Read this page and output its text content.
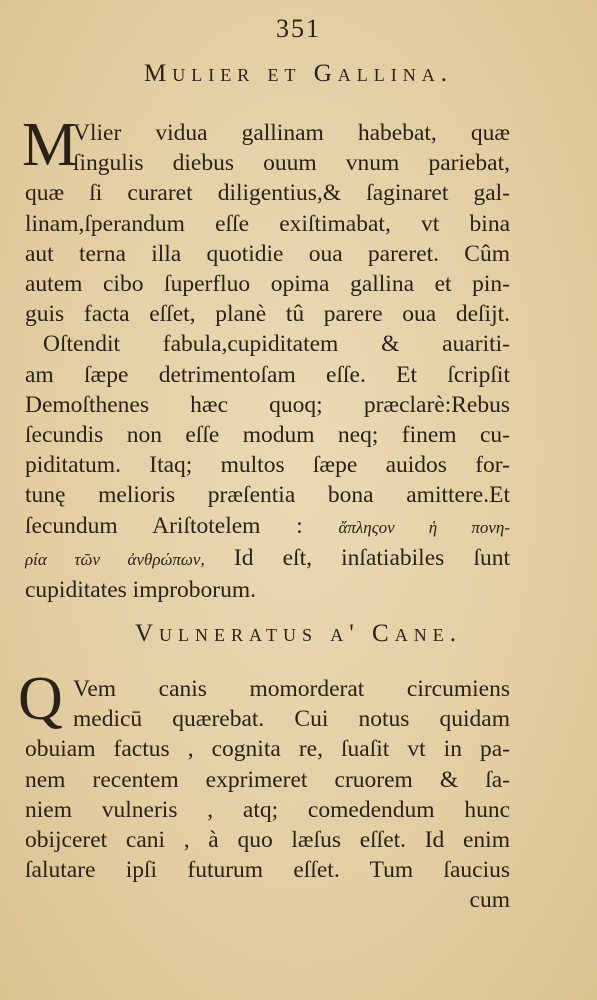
351
Mulier et Gallina.
M
Vlier vidua gallinam habebat, quæ
ſingulis diebus ouum vnum pariebat,
quæ ſi curaret diligentius,& ſaginaret gal-
linam,ſperandum eſſe exiſtimabat, vt bina
aut terna illa quotidie oua pareret. Cûm
autem cibo ſuperfluo opima gallina et pin-
guis facta eſſet, planè tû parere oua deſijt.
Oſtendit fabula,cupiditatem & auariti-
am ſæpe detrimentoſam eſſe. Et ſcripſit
Demoſthenes hæc quoq; præclarè:Rebus
ſecundis non eſſe modum neq; finem cu-
piditatum. Itaq; multos ſæpe auidos for-
tunę melioris præſentia bona amittere.Et
ſecundum Ariſtotelem : ἄπληςον ἡ πονη-
ρία τῶν ἀνθρώπων, Id eſt, inſatiabiles ſunt
cupiditates improborum.
Vulneratus a' Cane.
Q Vem canis momorderat circumiens
medicū quærebat. Cui notus quidam
obuiam factus , cognita re, ſuaſit vt in pa-
nem recentem exprimeret cruorem & ſa-
niem vulneris , atq; comedendum hunc
obijceret cani , à quo læſus eſſet. Id enim
ſalutare ipſi futurum eſſet. Tum ſaucius
cum
